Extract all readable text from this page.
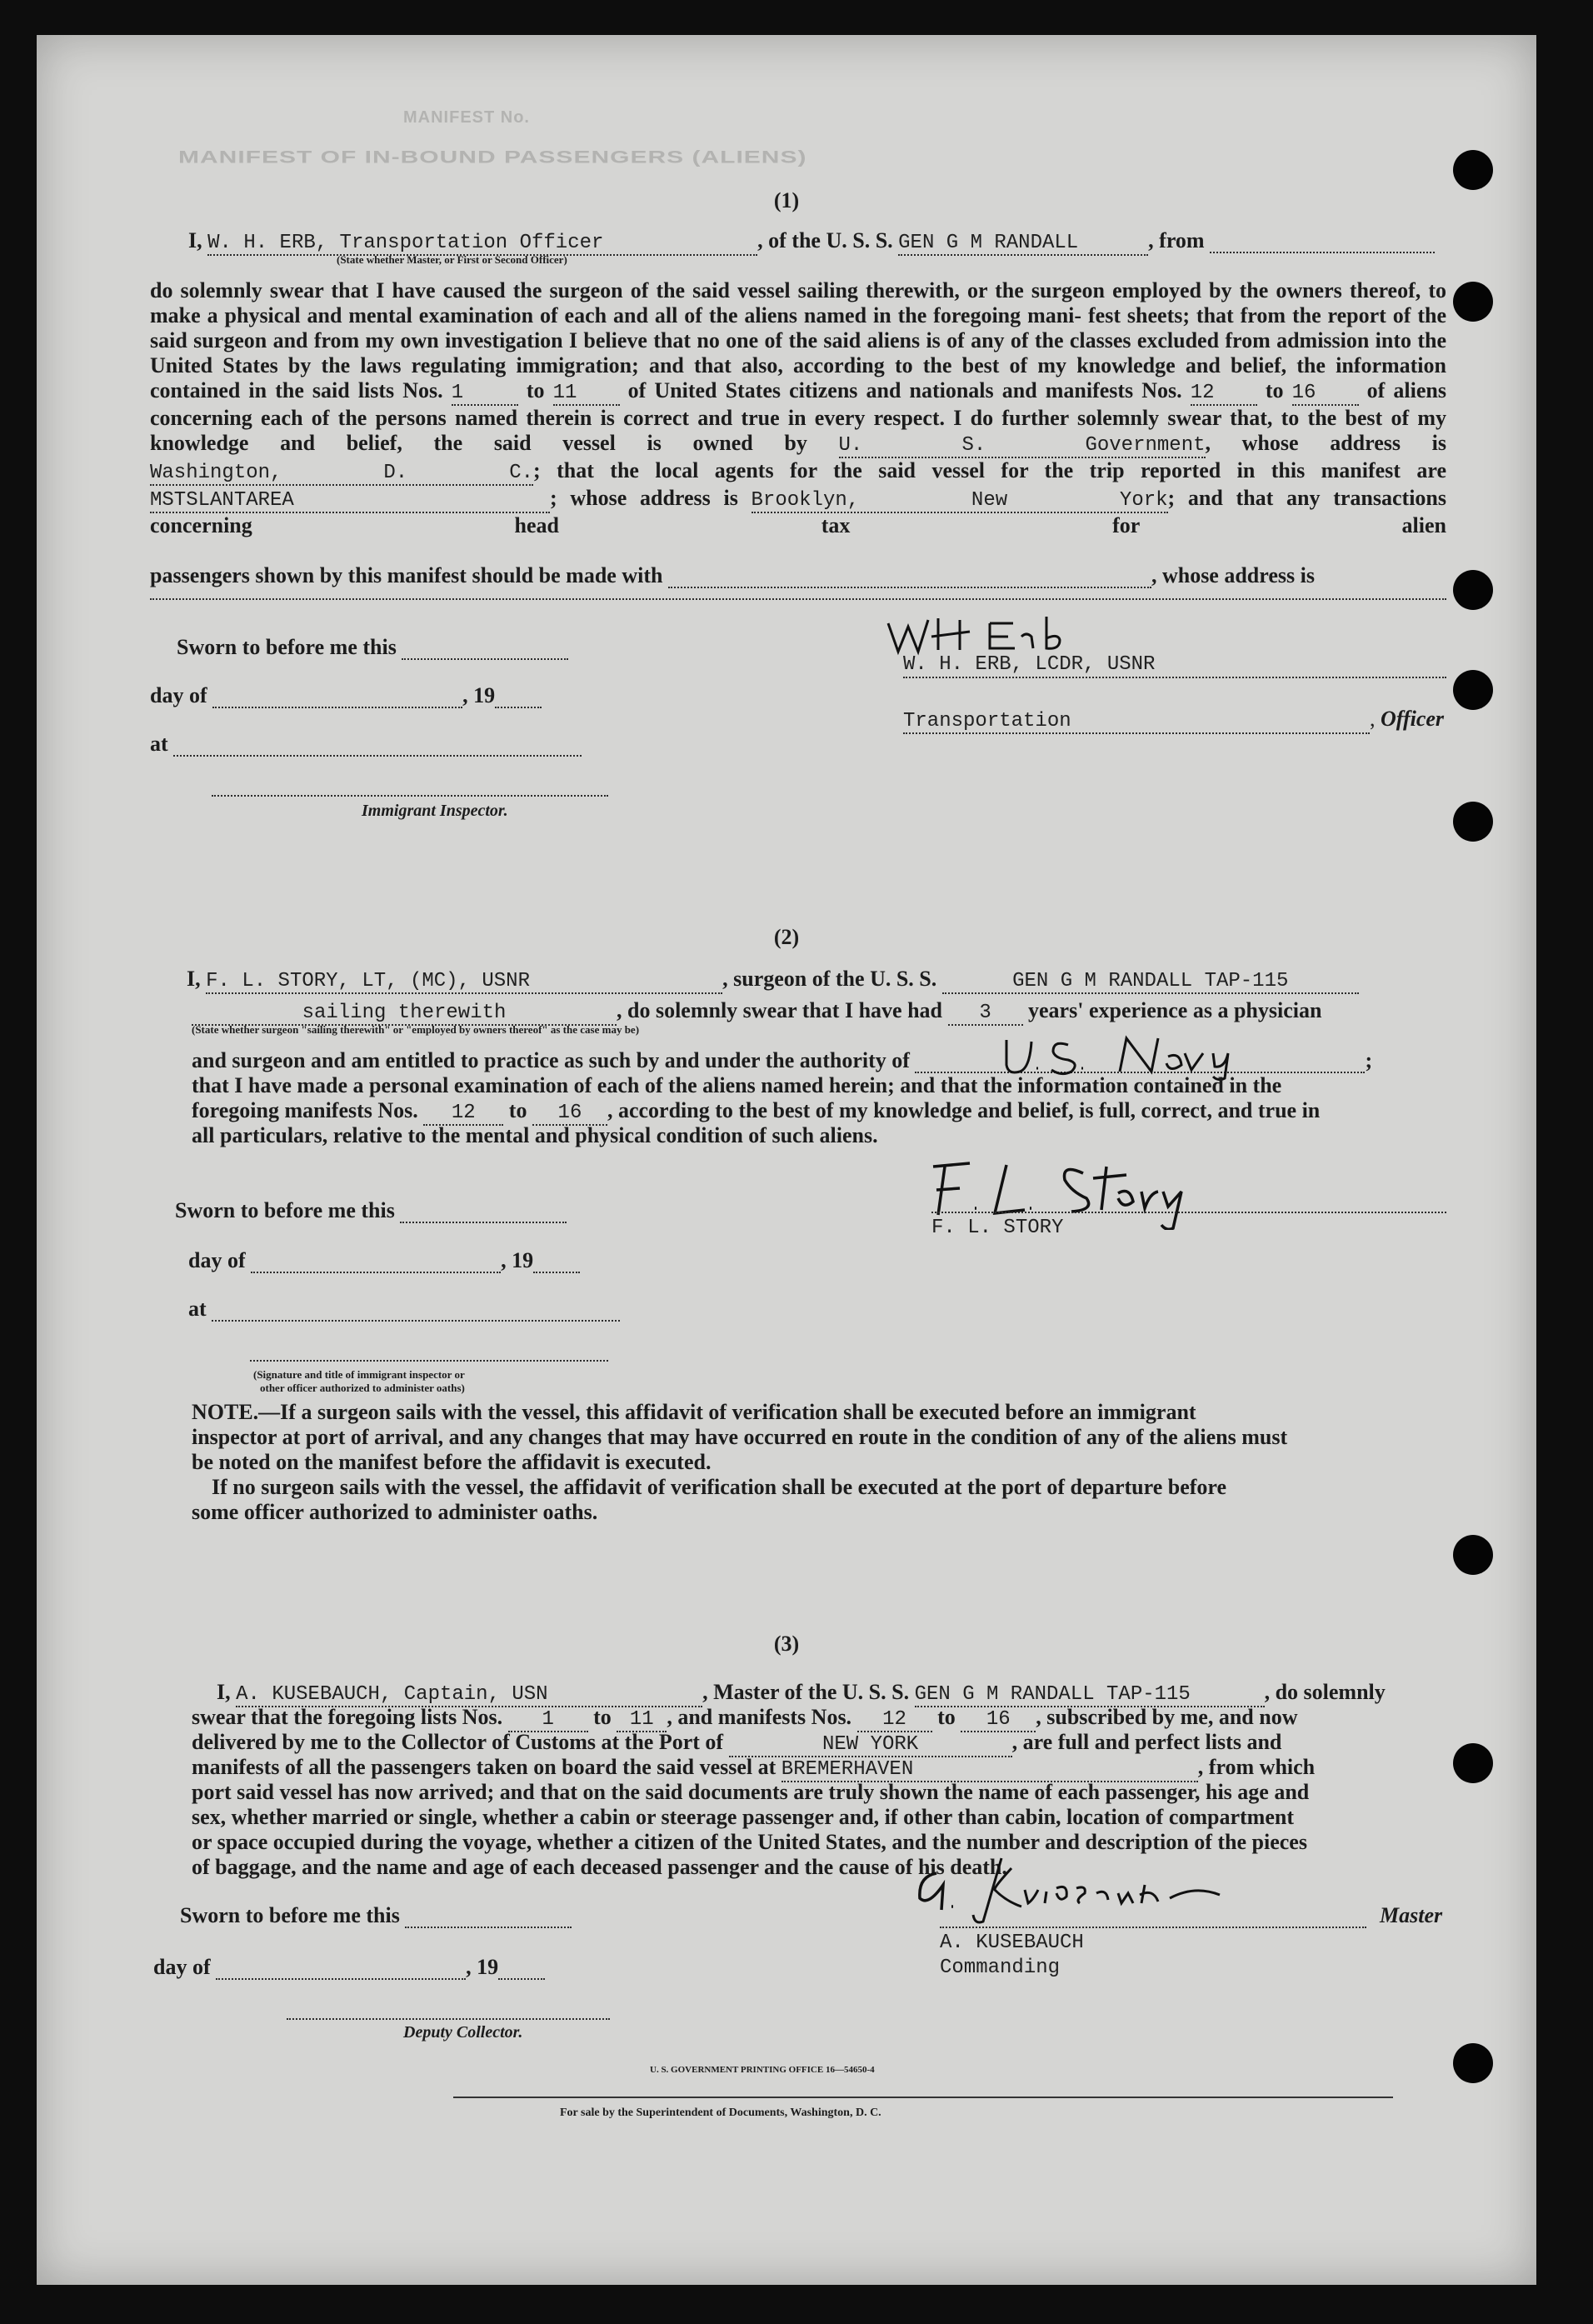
MANIFEST OF IN-BOUND PASSENGERS (ALIENS)
MANIFEST No.
(1)
I, W. H. ERB, Transportation Officer	, of the U. S. S. GEN G M RANDALL	, from
(State whether Master, or First or Second Officer)
do solemnly swear that I have caused the surgeon of the said vessel sailing therewith, or the surgeon employed by the owners thereof, to make a physical and mental examination of each and all of the aliens named in the foregoing mani- fest sheets; that from the report of the said surgeon and from my own investigation I believe that no one of the said aliens is of any of the classes excluded from admission into the United States by the laws regulating immigration; and that also, according to the best of my knowledge and belief, the information contained in the said lists Nos. 1	to 11 of United States citizens and nationals and manifests Nos. 12 to 16 of aliens concerning each of the persons named therein is correct and true in every respect. I do further solemnly swear that, to the best of my knowledge and belief, the said vessel is owned by U. S. Government, whose address is Washington, D. C.; that the local agents for the said vessel for the trip reported in this manifest are MSTSLANTAREA	; whose address is Brooklyn, New York; and that any transactions concerning head tax for alien
passengers shown by this manifest should be made with	, whose address is
Sworn to before me this
day of	, 19
at
Immigrant Inspector.
W. H. ERB, LCDR, USNR
Transportation	, Officer
(2)
I, F. L. STORY, LT, (MC), USNR	, surgeon of the U. S. S.	GEN G M RANDALL TAP-115
sailing therewith	, do solemnly swear that I have had 3 years' experience as a physician
(State whether surgeon "sailing therewith" or "employed by owners thereof" as the case may be)
and surgeon and am entitled to practice as such by and under the authority of	;
that I have made a personal examination of each of the aliens named herein; and that the information contained in the
foregoing manifests Nos. 12 to 16 , according to the best of my knowledge and belief, is full, correct, and true in
all particulars, relative to the mental and physical condition of such aliens.
F. L. STORY
Sworn to before me this
day of	, 19
at
(Signature and title of immigrant inspector or
other officer authorized to administer oaths)
NOTE.—If a surgeon sails with the vessel, this affidavit of verification shall be executed before an immigrant
inspector at port of arrival, and any changes that may have occurred en route in the condition of any of the aliens must
be noted on the manifest before the affidavit is executed.
If no surgeon sails with the vessel, the affidavit of verification shall be executed at the port of departure before
some officer authorized to administer oaths.
(3)
I, A. KUSEBAUCH, Captain, USN	, Master of the U. S. S. GEN G M RANDALL TAP-115	, do solemnly
swear that the foregoing lists Nos. 1 to 11 , and manifests Nos. 12 to 16 , subscribed by me, and now
delivered by me to the Collector of Customs at the Port of	NEW YORK	, are full and perfect lists and
manifests of all the passengers taken on board the said vessel at BREMERHAVEN	, from which
port said vessel has now arrived; and that on the said documents are truly shown the name of each passenger, his age and
sex, whether married or single, whether a cabin or steerage passenger and, if other than cabin, location of compartment
or space occupied during the voyage, whether a citizen of the United States, and the number and description of the pieces
of baggage, and the name and age of each deceased passenger and the cause of his death.
Master
A. KUSEBAUCH
Commanding
Sworn to before me this
day of	, 19
Deputy Collector.
U. S. GOVERNMENT PRINTING OFFICE 16—54650-4
For sale by the Superintendent of Documents, Washington, D. C.
